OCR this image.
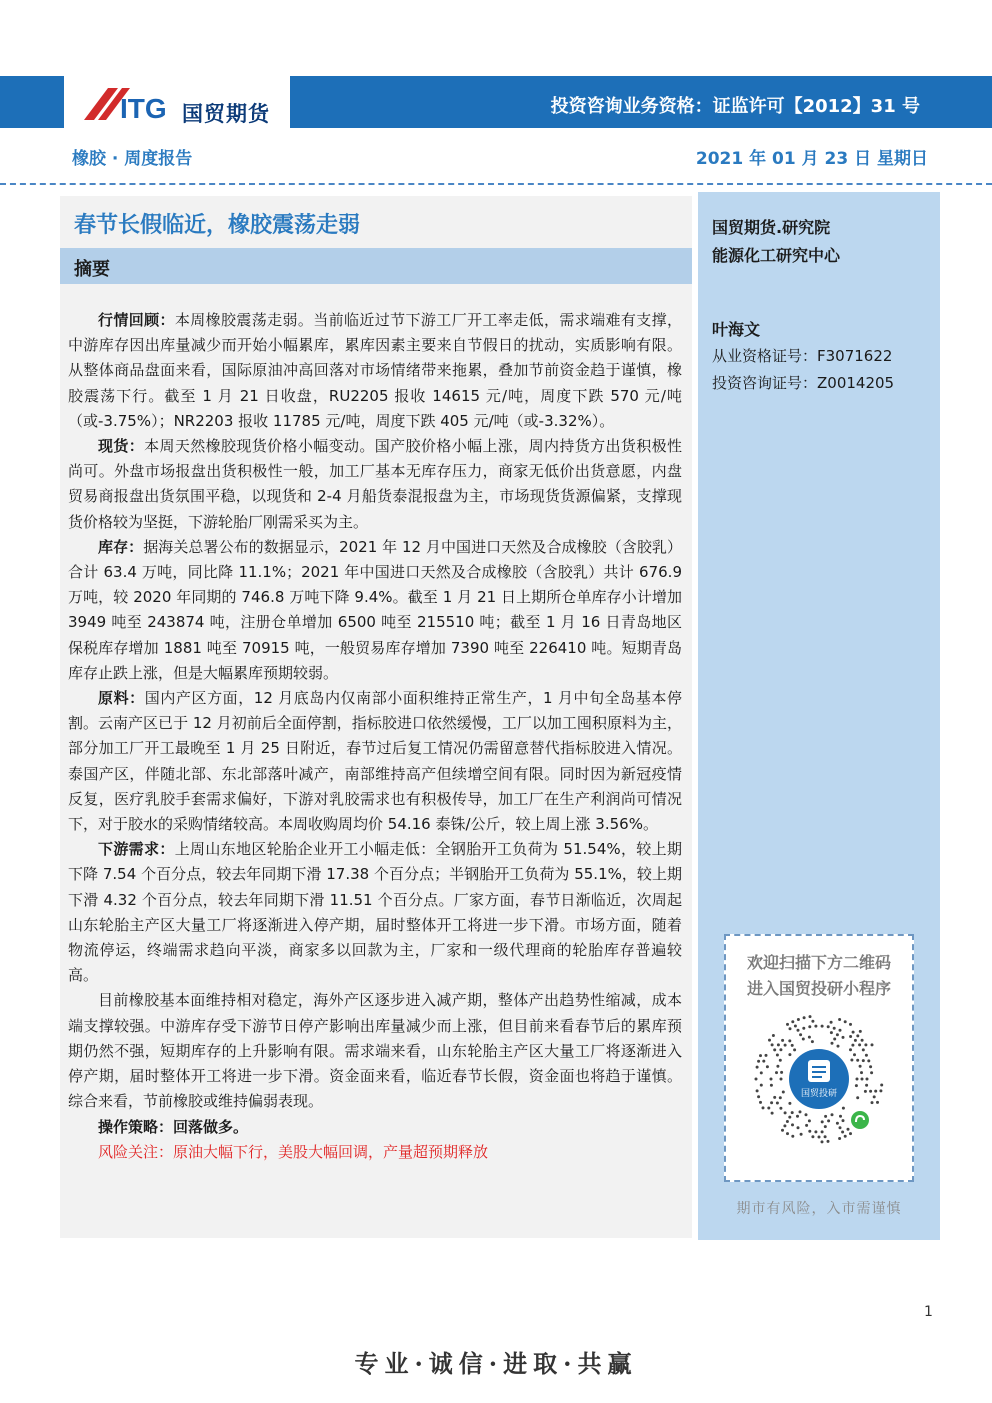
ITG 国贸期货	投资咨询业务资格：证监许可【2012】31 号
橡胶 · 周度报告	2021 年 01 月 23 日 星期日
春节长假临近，橡胶震荡走弱
摘要

行情回顾：本周橡胶震荡走弱。当前临近过节下游工厂开工率走低，需求端难有支撑，中游库存因出库量减少而开始小幅累库，累库因素主要来自节假日的扰动，实质影响有限。从整体商品盘面来看，国际原油冲高回落对市场情绪带来拖累，叠加节前资金趋于谨慎，橡胶震荡下行。截至 1 月 21 日收盘，RU2205 报收 14615 元/吨，周度下跌 570 元/吨（或-3.75%）；NR2203 报收 11785 元/吨，周度下跌 405 元/吨（或-3.32%）。

现货：本周天然橡胶现货价格小幅变动。国产胶价格小幅上涨，周内持货方出货积极性尚可。外盘市场报盘出货积极性一般，加工厂基本无库存压力，商家无低价出货意愿，内盘贸易商报盘出货氛围平稳，以现货和 2-4 月船货泰混报盘为主，市场现货货源偏紧，支撑现货价格较为坚挺，下游轮胎厂刚需采买为主。

库存：据海关总署公布的数据显示，2021 年 12 月中国进口天然及合成橡胶（含胶乳）合计 63.4 万吨，同比降 11.1%；2021 年中国进口天然及合成橡胶（含胶乳）共计 676.9 万吨，较 2020 年同期的 746.8 万吨下降 9.4%。截至 1 月 21 日上期所仓单库存小计增加 3949 吨至 243874 吨，注册仓单增加 6500 吨至 215510 吨；截至 1 月 16 日青岛地区保税库存增加 1881 吨至 70915 吨，一般贸易库存增加 7390 吨至 226410 吨。短期青岛库存止跌上涨，但是大幅累库预期较弱。

原料：国内产区方面，12 月底岛内仅南部小面积维持正常生产，1 月中旬全岛基本停割。云南产区已于 12 月初前后全面停割，指标胶进口依然缓慢，工厂以加工囤积原料为主，部分加工厂开工最晚至 1 月 25 日附近，春节过后复工情况仍需留意替代指标胶进入情况。泰国产区，伴随北部、东北部落叶减产，南部维持高产但续增空间有限。同时因为新冠疫情反复，医疗乳胶手套需求偏好，下游对乳胶需求也有积极传导，加工厂在生产利润尚可情况下，对于胶水的采购情绪较高。本周收购周均价 54.16 泰铢/公斤，较上周上涨 3.56%。

下游需求：上周山东地区轮胎企业开工小幅走低：全钢胎开工负荷为 51.54%，较上期下降 7.54 个百分点，较去年同期下滑 17.38 个百分点；半钢胎开工负荷为 55.1%，较上期下滑 4.32 个百分点，较去年同期下滑 11.51 个百分点。厂家方面，春节日渐临近，次周起山东轮胎主产区大量工厂将逐渐进入停产期，届时整体开工将进一步下滑。市场方面，随着物流停运，终端需求趋向平淡，商家多以回款为主，厂家和一级代理商的轮胎库存普遍较高。

目前橡胶基本面维持相对稳定，海外产区逐步进入减产期，整体产出趋势性缩减，成本端支撑较强。中游库存受下游节日停产影响出库量减少而上涨，但目前来看春节后的累库预期仍然不强，短期库存的上升影响有限。需求端来看，山东轮胎主产区大量工厂将逐渐进入停产期，届时整体开工将进一步下滑。资金面来看，临近春节长假，资金面也将趋于谨慎。综合来看，节前橡胶或维持偏弱表现。

操作策略：回落做多。

风险关注：原油大幅下行，美股大幅回调，产量超预期释放

国贸期货.研究院
能源化工研究中心
叶海文
从业资格证号：F3071622
投资咨询证号：Z0014205
欢迎扫描下方二维码
进入国贸投研小程序
国贸投研
期市有风险，入市需谨慎
1
专业·诚信·进取·共赢
